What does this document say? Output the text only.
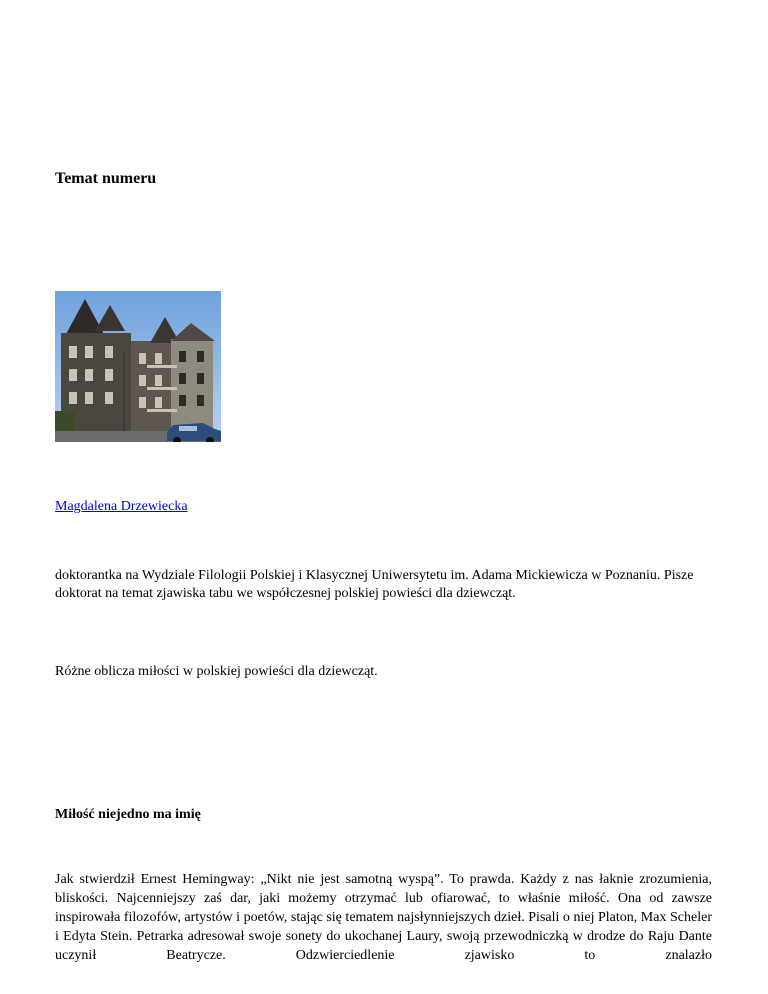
Temat numeru
Magdalena Drzewiecka

doktorantka na Wydziale Filologii Polskiej i Klasycznej Uniwersytetu im. Adama Mickiewicza w Poznaniu. Pisze doktorat na temat zjawiska tabu we współczesnej polskiej powieści dla dziewcząt.

Różne oblicza miłości w polskiej powieści dla dziewcząt.

Miłość niejedno ma imię

Jak stwierdził Ernest Hemingway: „Nikt nie jest samotną wyspą”. To prawda. Każdy z nas łaknie zrozumienia, bliskości. Najcenniejszy zaś dar, jaki możemy otrzymać lub ofiarować, to właśnie miłość. Ona od zawsze inspirowała filozofów, artystów i poetów, stając się tematem najsłynniejszych dzieł. Pisali o niej Platon, Max Scheler i Edyta Stein. Petrarka adresował swoje sonety do ukochanej Laury, swoją przewodniczką w drodze do Raju Dante uczynił Beatrycze. Odzwierciedlenie zjawisko to znalazło
